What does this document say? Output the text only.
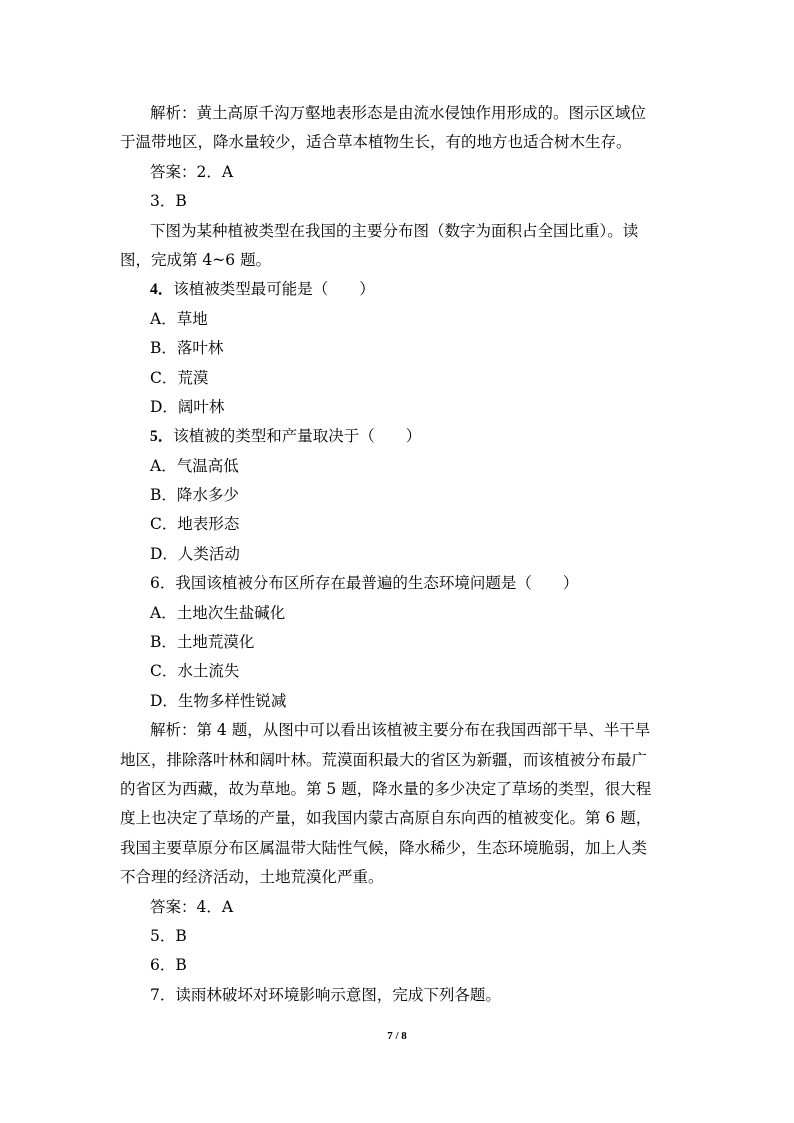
解析：黄土高原千沟万壑地表形态是由流水侵蚀作用形成的。图示区域位
于温带地区，降水量较少，适合草本植物生长，有的地方也适合树木生存。
答案：2．A
3．B
下图为某种植被类型在我国的主要分布图（数字为面积占全国比重）。读
图，完成第 4~6 题。
4．该植被类型最可能是（　　）
A．草地
B．落叶林
C．荒漠
D．阔叶林
5．该植被的类型和产量取决于（　　）
A．气温高低
B．降水多少
C．地表形态
D．人类活动
6．我国该植被分布区所存在最普遍的生态环境问题是（　　）
A．土地次生盐碱化
B．土地荒漠化
C．水土流失
D．生物多样性锐减
解析：第 4 题，从图中可以看出该植被主要分布在我国西部干旱、半干旱
地区，排除落叶林和阔叶林。荒漠面积最大的省区为新疆，而该植被分布最广
的省区为西藏，故为草地。第 5 题，降水量的多少决定了草场的类型，很大程
度上也决定了草场的产量，如我国内蒙古高原自东向西的植被变化。第 6 题，
我国主要草原分布区属温带大陆性气候，降水稀少，生态环境脆弱，加上人类
不合理的经济活动，土地荒漠化严重。
答案：4．A
5．B
6．B
7．读雨林破坏对环境影响示意图，完成下列各题。
7 / 8
